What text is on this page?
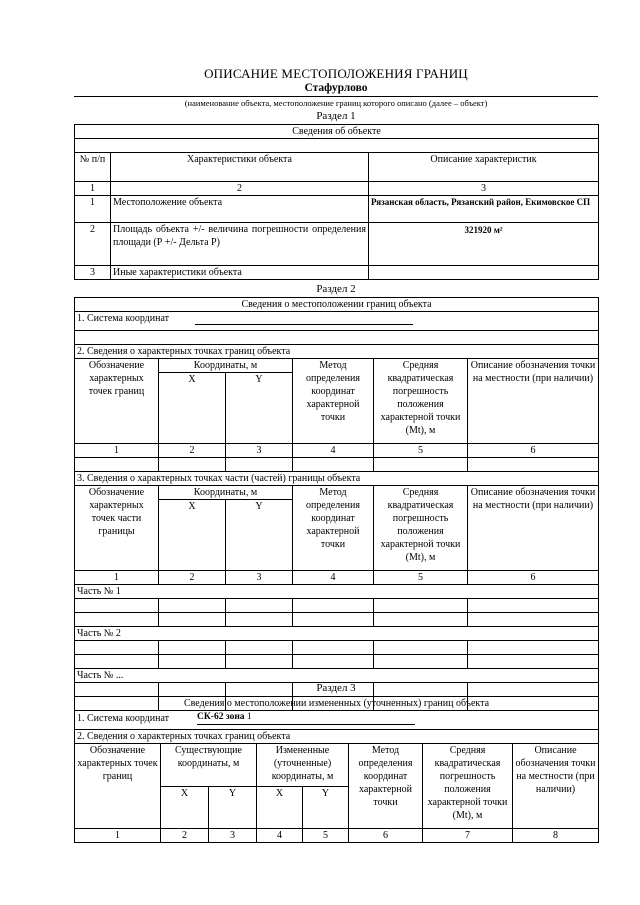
ОПИСАНИЕ МЕСТОПОЛОЖЕНИЯ ГРАНИЦ
Стафурлово
(наименование объекта, местоположение границ которого описано (далее – объект)
Раздел 1
Сведения об объекте		

№ п/п	Характеристики объекта	Описание характеристик
1	2	3
1	Местоположение объекта	Рязанская область, Рязанский район, Екимовское СП
2	Площадь объекта +/- величина погрешности определения площади (Р +/- Дельта Р)	321920 м²
3	Иные характеристики объекта	
Раздел 2
Сведения о местоположении границ объекта					
1. Система координат					

2. Сведения о характерных точках границ объекта					
Обозначение характерных точек границ	Координаты, м		Метод определения координат характерной точки	Средняя квадратическая погрешность положения характерной точки (Mt), м	Описание обозначения точки на местности (при наличии)
	X	Y			
1	2	3	4	5	6

3. Сведения о характерных точках части (частей) границы объекта					
Обозначение характерных точек части границы	Координаты, м		Метод определения координат характерной точки	Средняя квадратическая погрешность положения характерной точки (Mt), м	Описание обозначения точки на местности (при наличии)
	X	Y			
1	2	3	4	5	6
Часть № 1					

Часть № 2					

Часть № ...					

Раздел 3
Сведения о местоположении измененных (уточненных) границ объекта							
1. Система координат СК-62 зона 1							
2. Сведения о характерных точках границ объекта							
Обозначение характерных точек границ	Существующие координаты, м		Измененные (уточненные) координаты, м		Метод определения координат характерной точки	Средняя квадратическая погрешность положения характерной точки (Mt), м	Описание обозначения точки на местности (при наличии)
	X	Y	X	Y			
1	2	3	4	5	6	7	8
